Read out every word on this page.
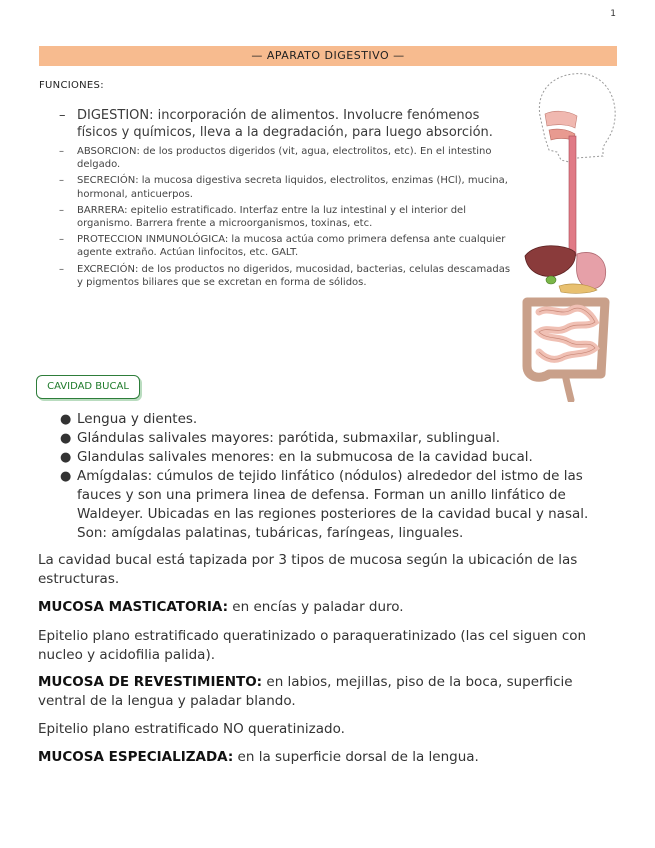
1
— APARATO DIGESTIVO —
FUNCIONES:
– DIGESTION: incorporación de alimentos. Involucre fenómenos físicos y químicos, lleva a la degradación, para luego absorción.
– ABSORCION: de los productos digeridos (vit, agua, electrolitos, etc). En el intestino delgado.
– SECRECIÓN: la mucosa digestiva secreta liquidos, electrolitos, enzimas (HCl), mucina, hormonal, anticuerpos.
– BARRERA: epitelio estratificado. Interfaz entre la luz intestinal y el interior del organismo. Barrera frente a microorganismos, toxinas, etc.
– PROTECCION INMUNOLÓGICA: la mucosa actúa como primera defensa ante cualquier agente extraño. Actúan linfocitos, etc. GALT.
– EXCRECIÓN: de los productos no digeridos, mucosidad, bacterias, celulas descamadas y pigmentos biliares que se excretan en forma de sólidos.
CAVIDAD BUCAL
● Lengua y dientes.
● Glándulas salivales mayores: parótida, submaxilar, sublingual.
● Glandulas salivales menores: en la submucosa de la cavidad bucal.
● Amígdalas: cúmulos de tejido linfático (nódulos) alrededor del istmo de las fauces y son una primera linea de defensa. Forman un anillo linfático de Waldeyer. Ubicadas en las regiones posteriores de la cavidad bucal y nasal. Son: amígdalas palatinas, tubáricas, faríngeas, linguales.
La cavidad bucal está tapizada por 3 tipos de mucosa según la ubicación de las estructuras.
MUCOSA MASTICATORIA: en encías y paladar duro.
Epitelio plano estratificado queratinizado o paraqueratinizado (las cel siguen con nucleo y acidofilia palida).
MUCOSA DE REVESTIMIENTO: en labios, mejillas, piso de la boca, superficie ventral de la lengua y paladar blando.
Epitelio plano estratificado NO queratinizado.
MUCOSA ESPECIALIZADA: en la superficie dorsal de la lengua.
